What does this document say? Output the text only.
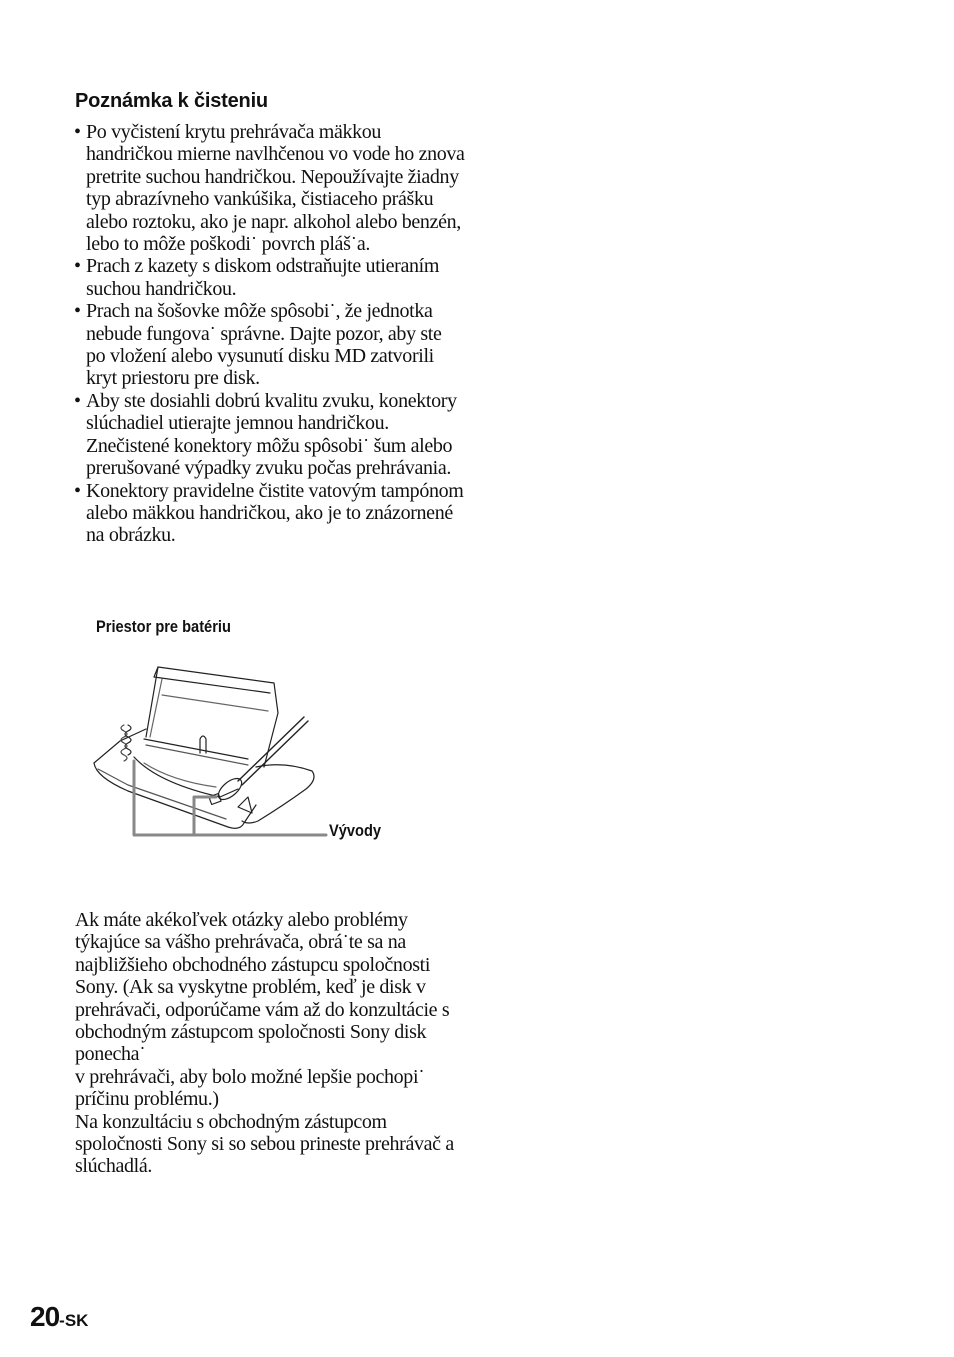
Poznámka k čisteniu
• Po vyčistení krytu prehrávača mäkkou handričkou mierne navlhčenou vo vode ho znova pretrite suchou handričkou. Nepoužívajte žiadny typ abrazívneho vankúšika, čistiaceho prášku alebo roztoku, ako je napr. alkohol alebo benzén, lebo to môže poškodi˙ povrch pláš˙a.
• Prach z kazety s diskom odstraňujte utieraním suchou handričkou.
• Prach na šošovke môže spôsobi˙, že jednotka nebude fungova˙ správne. Dajte pozor, aby ste po vložení alebo vysunutí disku MD zatvorili kryt priestoru pre disk.
• Aby ste dosiahli dobrú kvalitu zvuku, konektory slúchadiel utierajte jemnou handričkou. Znečistené konektory môžu spôsobi˙ šum alebo prerušované výpadky zvuku počas prehrávania.
• Konektory pravidelne čistite vatovým tampónom alebo mäkkou handričkou, ako je to znázornené na obrázku.
Priestor pre batériu
Vývody
Ak máte akékoľvek otázky alebo problémy týkajúce sa vášho prehrávača, obrá˙te sa na najbližšieho obchodného zástupcu spoločnosti Sony. (Ak sa vyskytne problém, keď je disk v prehrávači, odporúčame vám až do konzultácie s obchodným zástupcom spoločnosti Sony disk ponecha˙
v prehrávači, aby bolo možné lepšie pochopi˙ príčinu problému.)
Na konzultáciu s obchodným zástupcom spoločnosti Sony si so sebou prineste prehrávač a slúchadlá.
20-SK
